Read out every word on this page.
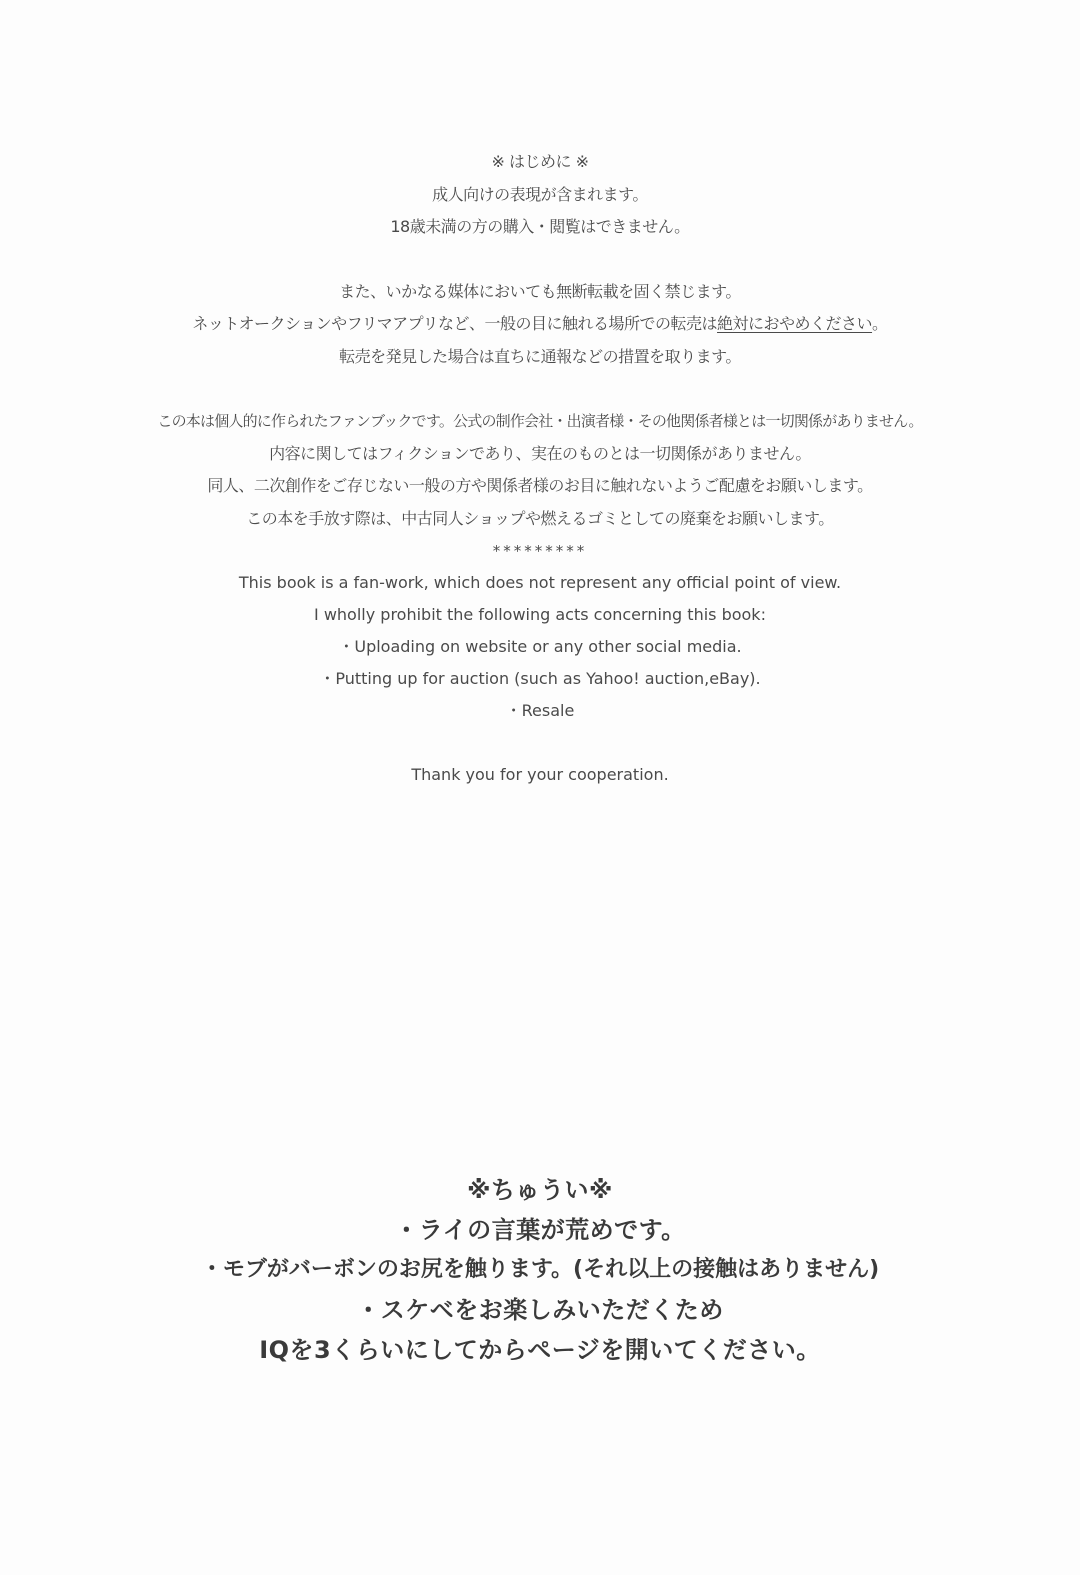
※ はじめに ※
成人向けの表現が含まれます。
18歳未満の方の購入・閲覧はできません。
また、いかなる媒体においても無断転載を固く禁じます。
ネットオークションやフリマアプリなど、一般の目に触れる場所での転売は絶対におやめください。
転売を発見した場合は直ちに通報などの措置を取ります。
この本は個人的に作られたファンブックです。公式の制作会社・出演者様・その他関係者様とは一切関係がありません。
内容に関してはフィクションであり、実在のものとは一切関係がありません。
同人、二次創作をご存じない一般の方や関係者様のお目に触れないようご配慮をお願いします。
この本を手放す際は、中古同人ショップや燃えるゴミとしての廃棄をお願いします。
*********
This book is a fan-work, which does not represent any official point of view.
I wholly prohibit the following acts concerning this book:
・Uploading on website or any other social media.
・Putting up for auction (such as Yahoo! auction,eBay).
・Resale
Thank you for your cooperation.
※ちゅうい※
・ライの言葉が荒めです。
・モブがバーボンのお尻を触ります。(それ以上の接触はありません)
・スケベをお楽しみいただくため
IQを3くらいにしてからページを開いてください。
